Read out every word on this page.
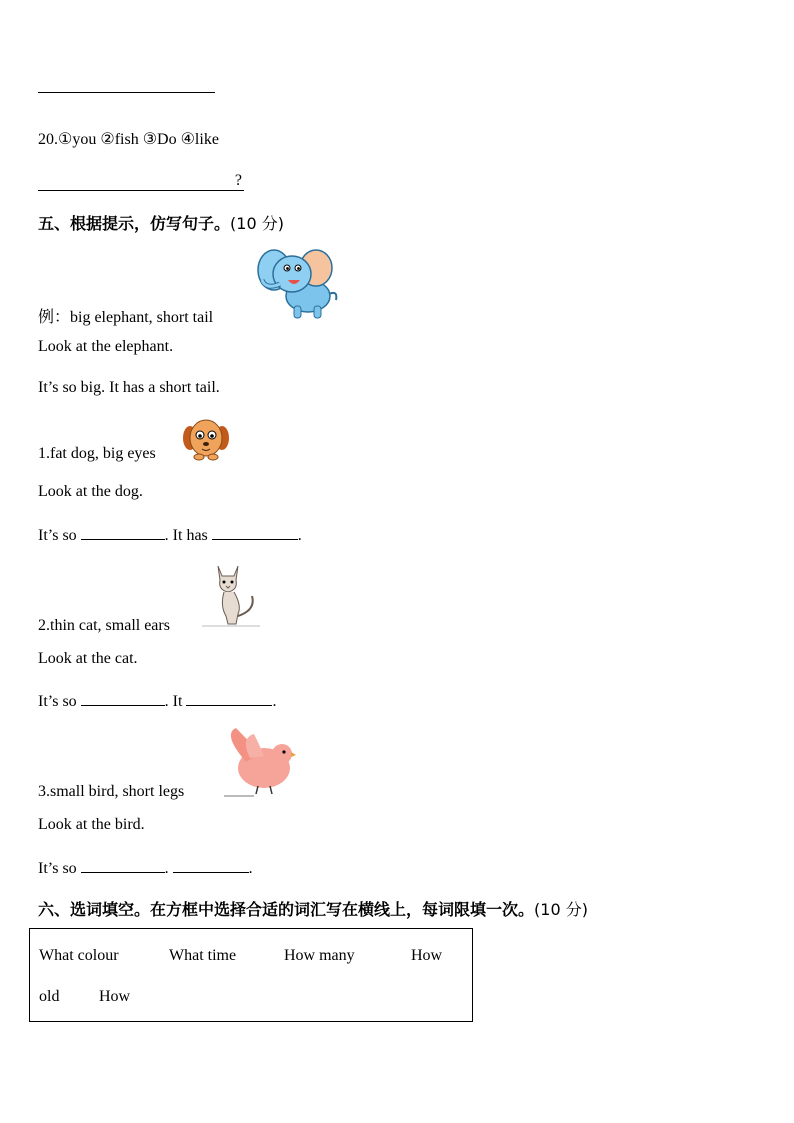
20.①you ②fish ③Do ④like
?
五、根据提示，仿写句子。(10 分)
例：big elephant, short tail
Look at the elephant.
It’s so big. It has a short tail.
1.fat dog, big eyes
Look at the dog.
It’s so	. It has	.
2.thin cat, small ears
Look at the cat.
It’s so	. It	.
3.small bird, short legs
Look at the bird.
It’s so	.	.
六、选词填空。在方框中选择合适的词汇写在横线上，每词限填一次。(10 分)
What colour	What time	How many	How
old How
